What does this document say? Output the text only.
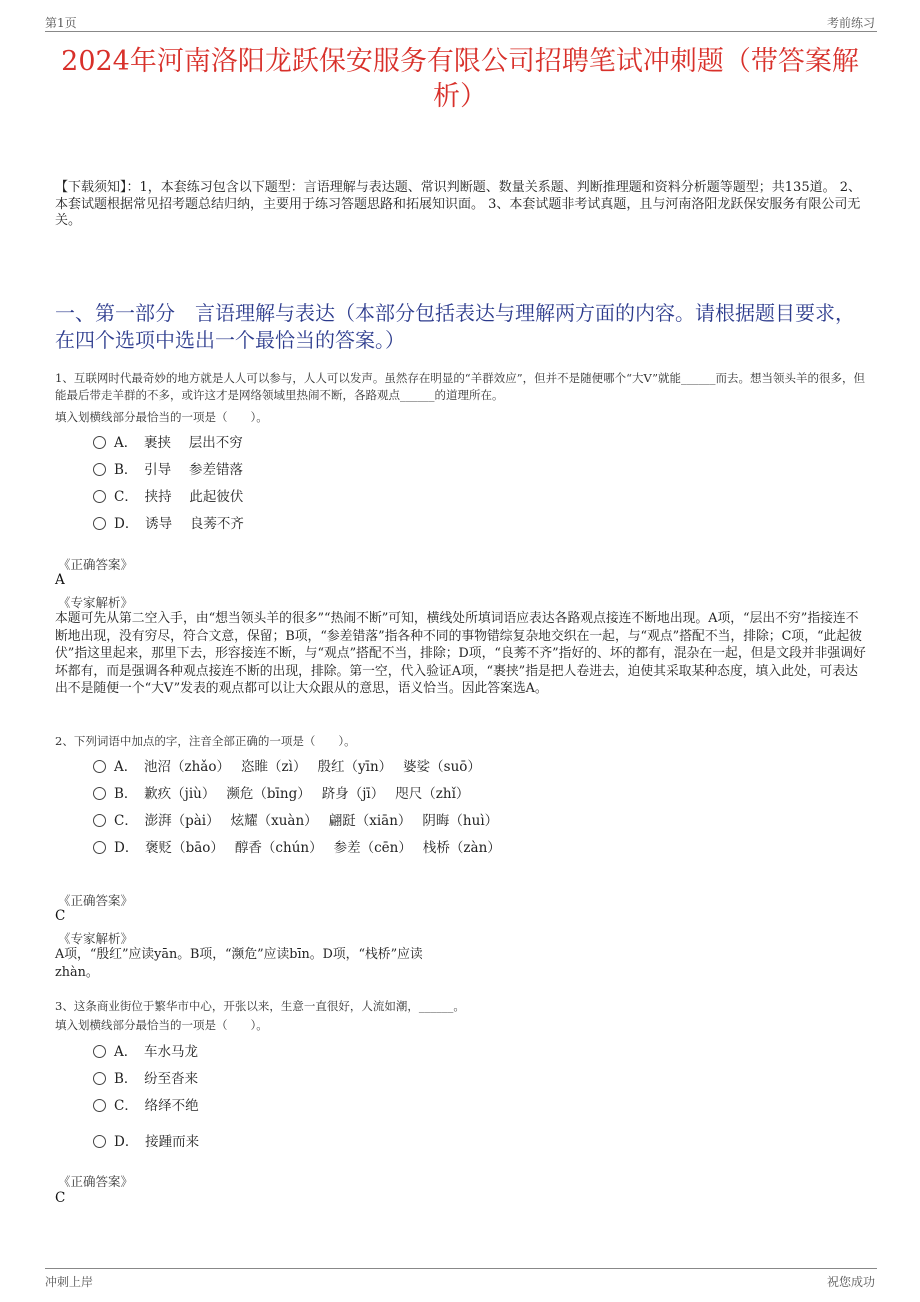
第1页	考前练习
2024年河南洛阳龙跃保安服务有限公司招聘笔试冲刺题（带答案解析）
【下载须知】：1，本套练习包含以下题型：言语理解与表达题、常识判断题、数量关系题、判断推理题和资料分析题等题型；共135道。 2、本套试题根据常见招考题总结归纳，主要用于练习答题思路和拓展知识面。 3、本套试题非考试真题，且与河南洛阳龙跃保安服务有限公司无关。
一、第一部分　言语理解与表达（本部分包括表达与理解两方面的内容。请根据题目要求，在四个选项中选出一个最恰当的答案。）
1、互联网时代最奇妙的地方就是人人可以参与，人人可以发声。虽然存在明显的“羊群效应”，但并不是随便哪个“大V”就能______而去。想当领头羊的很多，但能最后带走羊群的不多，或许这才是网络领域里热闹不断，各路观点______的道理所在。
填入划横线部分最恰当的一项是（　　）。
A．　裹挟　 层出不穷
B．　引导　 参差错落
C．　挟持　 此起彼伏
D．　诱导　 良莠不齐
《正确答案》
A
《专家解析》
本题可先从第二空入手，由“想当领头羊的很多”“热闹不断”可知，横线处所填词语应表达各路观点接连不断地出现。A项，“层出不穷”指接连不断地出现，没有穷尽，符合文意，保留；B项，“参差错落”指各种不同的事物错综复杂地交织在一起，与“观点”搭配不当，排除；C项，“此起彼伏”指这里起来，那里下去，形容接连不断，与“观点”搭配不当，排除；D项，“良莠不齐”指好的、坏的都有，混杂在一起，但是文段并非强调好坏都有，而是强调各种观点接连不断的出现，排除。第一空，代入验证A项，“裹挟”指是把人卷进去，迫使其采取某种态度，填入此处，可表达出不是随便一个“大V”发表的观点都可以让大众跟从的意思，语义恰当。因此答案选A。
2、下列词语中加点的字，注音全部正确的一项是（　　）。
A．　池沼（zhǎo）　 恣睢（zì）　 殷红（yīn）　 婆娑（suō）
B．　歉疚（jiù）　 濒危（bīng）　 跻身（jī）　 咫尺（zhǐ）
C．　澎湃（pài）　 炫耀（xuàn）　 翩跹（xiān）　 阴晦（huì）
D．　褒贬（bāo）　 醇香（chún）　 参差（cēn）　 栈桥（zàn）
《正确答案》
C
《专家解析》
A项，“殷红”应读yān。B项，“濒危”应读bīn。D项，“栈桥”应读
zhàn。
3、这条商业街位于繁华市中心，开张以来，生意一直很好，人流如潮，______。
填入划横线部分最恰当的一项是（　　）。
A．　车水马龙
B．　纷至沓来
C．　络绎不绝
D．　接踵而来
《正确答案》
C
冲刺上岸	祝您成功
